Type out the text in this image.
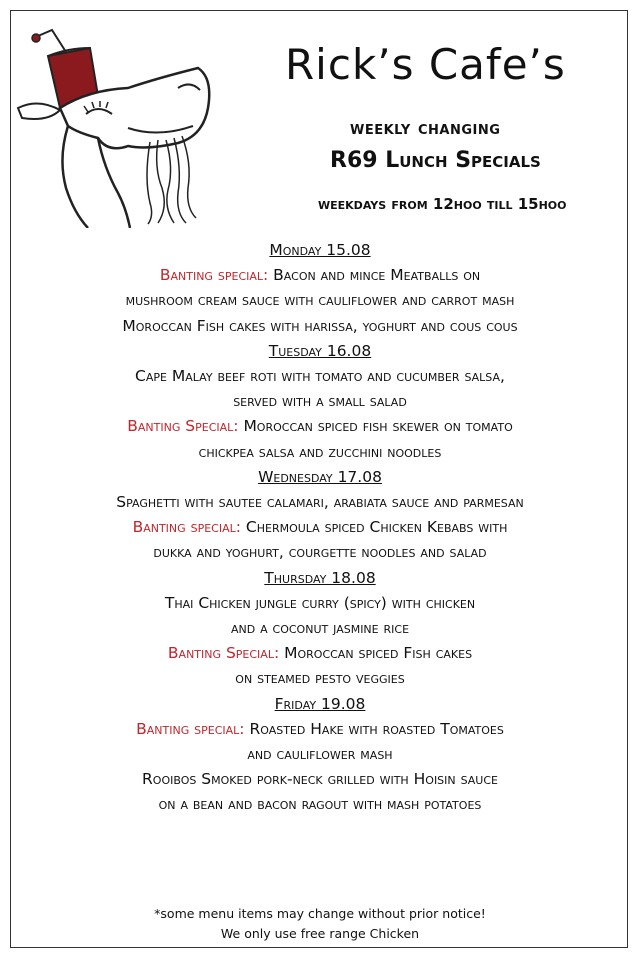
Rick’s Cafe’s
weekly changing
R69 Lunch Specials
weekdays from 12hoo till 15hoo
Monday 15.08
Banting special: Bacon and mince Meatballs on
mushroom cream sauce with cauliflower and carrot mash
Moroccan Fish cakes with harissa, yoghurt and cous cous
Tuesday 16.08
Cape Malay beef roti with tomato and cucumber salsa,
served with a small salad
Banting Special: Moroccan spiced fish skewer on tomato
chickpea salsa and zucchini noodles
Wednesday 17.08
Spaghetti with sautee calamari, arabiata sauce and parmesan
Banting special: Chermoula spiced Chicken Kebabs with
dukka and yoghurt, courgette noodles and salad
Thursday 18.08
Thai Chicken jungle curry (spicy) with chicken
and a coconut jasmine rice
Banting Special: Moroccan spiced Fish cakes
on steamed pesto veggies
Friday 19.08
Banting special: Roasted Hake with roasted Tomatoes
and cauliflower mash
Rooibos Smoked pork-neck grilled with Hoisin sauce
on a bean and bacon ragout with mash potatoes
*some menu items may change without prior notice!
We only use free range Chicken
